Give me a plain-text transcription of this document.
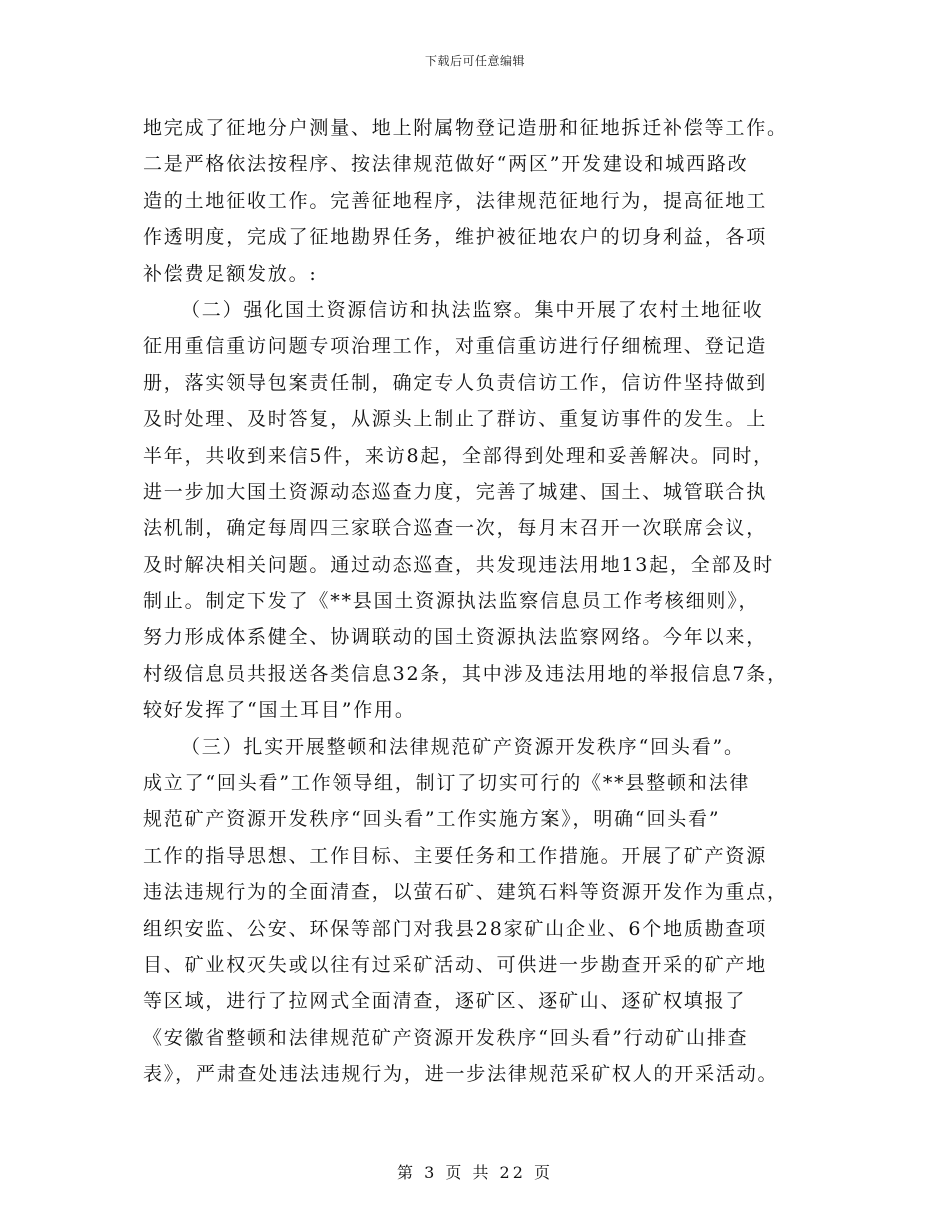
下载后可任意编辑
地完成了征地分户测量、地上附属物登记造册和征地拆迁补偿等工作。
二是严格依法按程序、按法律规范做好“两区”开发建设和城西路改
造的土地征收工作。完善征地程序，法律规范征地行为，提高征地工
作透明度，完成了征地勘界任务，维护被征地农户的切身利益，各项
补偿费足额发放。:
（二）强化国土资源信访和执法监察。集中开展了农村土地征收
征用重信重访问题专项治理工作，对重信重访进行仔细梳理、登记造
册，落实领导包案责任制，确定专人负责信访工作，信访件坚持做到
及时处理、及时答复，从源头上制止了群访、重复访事件的发生。上
半年，共收到来信5件，来访8起，全部得到处理和妥善解决。同时，
进一步加大国土资源动态巡查力度，完善了城建、国土、城管联合执
法机制，确定每周四三家联合巡查一次，每月末召开一次联席会议，
及时解决相关问题。通过动态巡查，共发现违法用地13起，全部及时
制止。制定下发了《**县国土资源执法监察信息员工作考核细则》，
努力形成体系健全、协调联动的国土资源执法监察网络。今年以来，
村级信息员共报送各类信息32条，其中涉及违法用地的举报信息7条，
较好发挥了“国土耳目”作用。
（三）扎实开展整顿和法律规范矿产资源开发秩序“回头看”。
成立了“回头看”工作领导组，制订了切实可行的《**县整顿和法律
规范矿产资源开发秩序“回头看”工作实施方案》，明确“回头看”
工作的指导思想、工作目标、主要任务和工作措施。开展了矿产资源
违法违规行为的全面清查，以萤石矿、建筑石料等资源开发作为重点，
组织安监、公安、环保等部门对我县28家矿山企业、6个地质勘查项
目、矿业权灭失或以往有过采矿活动、可供进一步勘查开采的矿产地
等区域，进行了拉网式全面清查，逐矿区、逐矿山、逐矿权填报了
《安徽省整顿和法律规范矿产资源开发秩序“回头看”行动矿山排查
表》，严肃查处违法违规行为，进一步法律规范采矿权人的开采活动。
第 3 页 共 22 页
